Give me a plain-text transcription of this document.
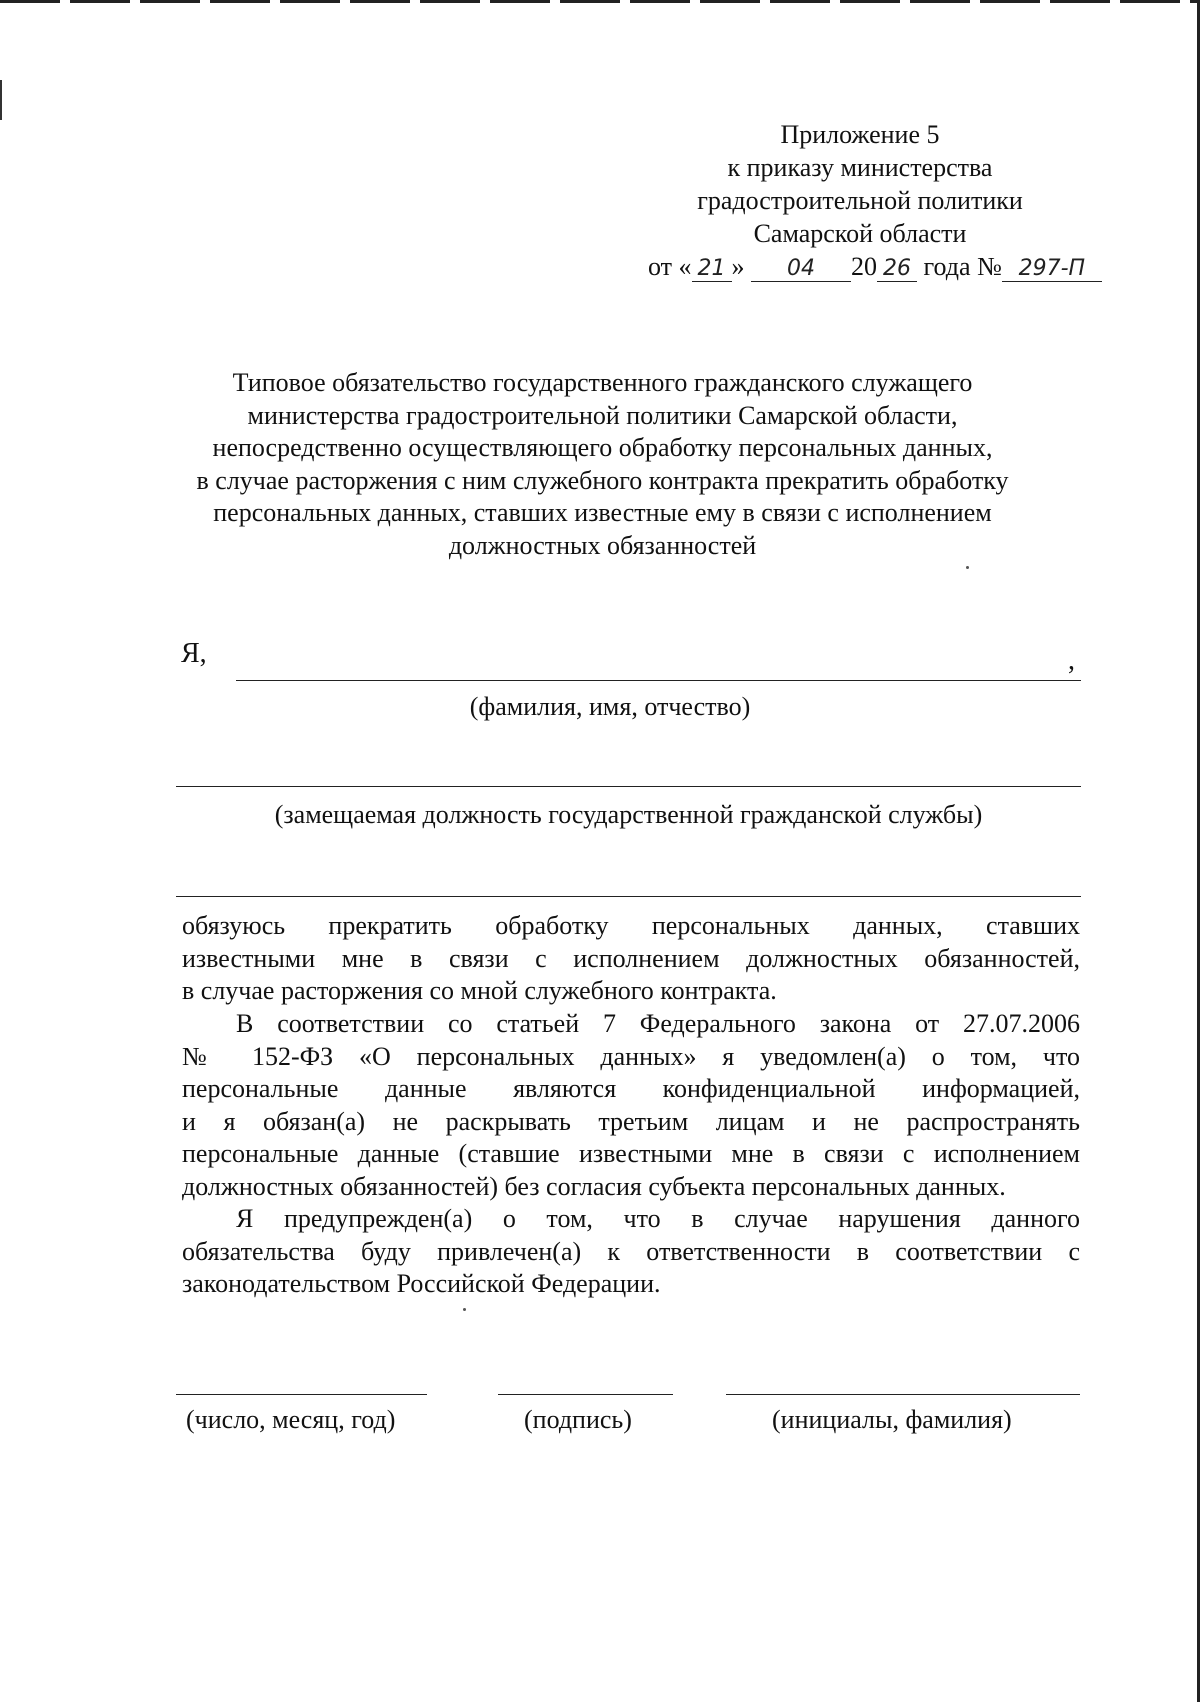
Приложение 5
к приказу министерства
градостроительной политики
Самарской области
от « 21 » 04 20 26 года № 297-П
Типовое обязательство государственного гражданского служащего
министерства градостроительной политики Самарской области,
непосредственно осуществляющего обработку персональных данных,
в случае расторжения с ним служебного контракта прекратить обработку
персональных данных, ставших известные ему в связи с исполнением
должностных обязанностей
Я,	,
(фамилия, имя, отчество)
(замещаемая должность государственной гражданской службы)
обязуюсь прекратить обработку персональных данных, ставших
известными мне в связи с исполнением должностных обязанностей,
в случае расторжения со мной служебного контракта.
В соответствии со статьей 7 Федерального закона от 27.07.2006
№ 152-ФЗ «О персональных данных» я уведомлен(а) о том, что
персональные данные являются конфиденциальной информацией,
и я обязан(а) не раскрывать третьим лицам и не распространять
персональные данные (ставшие известными мне в связи с исполнением
должностных обязанностей) без согласия субъекта персональных данных.
Я предупрежден(а) о том, что в случае нарушения данного
обязательства буду привлечен(а) к ответственности в соответствии с
законодательством Российской Федерации.
(число, месяц, год)	(подпись)	(инициалы, фамилия)
